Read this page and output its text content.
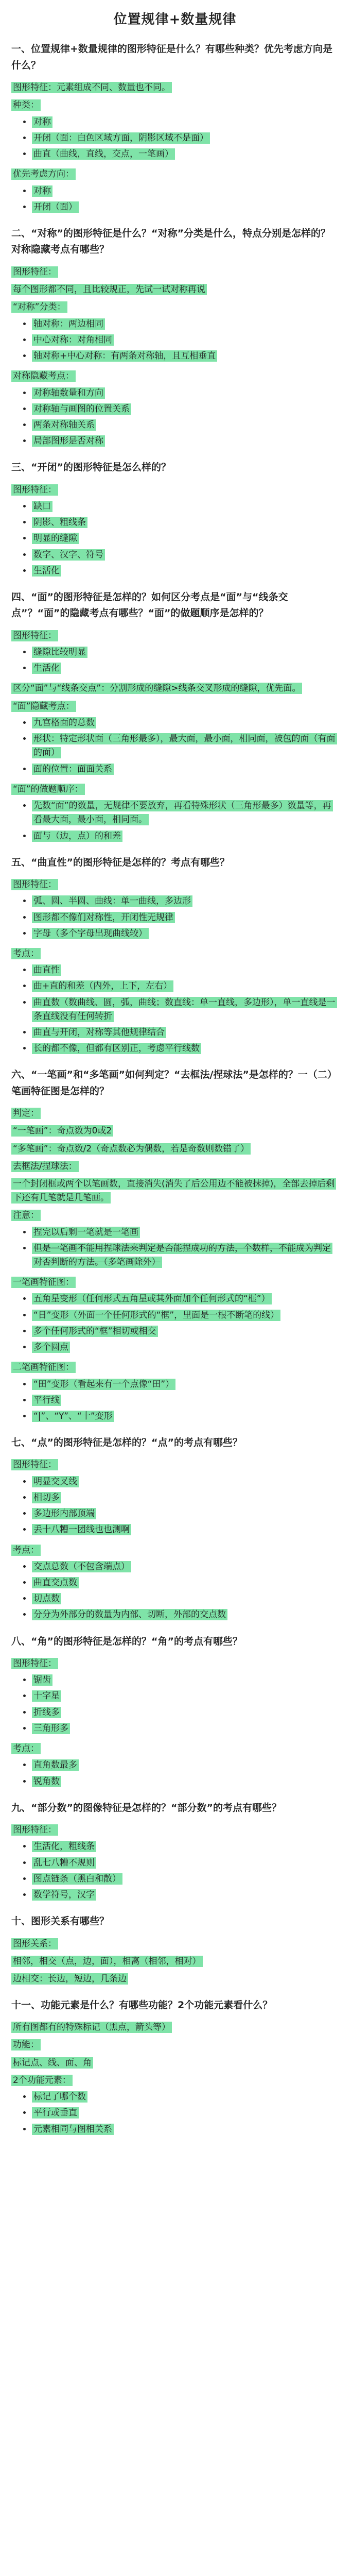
位置规律+数量规律
一、位置规律+数量规律的图形特征是什么？有哪些种类？优先考虑方向是什么？
图形特征：元素组成不同、数量也不同。
种类：
• 对称
• 开闭（面：白色区域方面，阴影区域不是面）
• 曲直（曲线，直线，交点，一笔画）
优先考虑方向：
• 对称
• 开闭（面）
二、“对称”的图形特征是什么？“对称”分类是什么，特点分别是怎样的？对称隐藏考点有哪些？
图形特征：
每个图形都不同，且比较规正，先试一试对称再说
“对称”分类：
• 轴对称：两边相同
• 中心对称：对角相同
• 轴对称+中心对称：有两条对称轴，且互相垂直
对称隐藏考点：
• 对称轴数量和方向
• 对称轴与画图的位置关系
• 两条对称轴关系
• 局部图形是否对称
三、“开闭”的图形特征是怎么样的？
图形特征：
• 缺口
• 阴影、粗线条
• 明显的缝隙
• 数字、汉字、符号
• 生活化
四、“面”的图形特征是怎样的？如何区分考点是“面”与“线条交点”？“面”的隐藏考点有哪些？“面”的做题顺序是怎样的？
图形特征：
• 缝隙比较明显
• 生活化
区分“面”与“线条交点”：分割形成的缝隙>线条交叉形成的缝隙，优先面。
“面”隐藏考点：
• 九宫格面的总数
• 形状：特定形状面（三角形最多），最大面，最小面，相同面，被包的面（有面的面）
• 面的位置：面面关系
“面”的做题顺序：
• 先数“面”的数量，无规律不要放弃，再看特殊形状（三角形最多）数量等，再看最大面，最小面，相同面。
• 面与（边，点）的和差
五、“曲直性”的图形特征是怎样的？考点有哪些？
图形特征：
• 弧、圆、半圆、曲线：单一曲线，多边形
• 图形都不像们对称性，开闭性无规律
• 字母（多个字母出现曲线较）
考点：
• 曲直性
• 曲+直的和差（内外，上下，左右）
• 曲直数（数曲线、圆，弧，曲线；数直线：单一直线，多边形），单一直线是一条直线没有任何转折
• 曲直与开闭，对称等其他规律结合
• 长的都不像，但都有区别正，考虑平行线数
六、“一笔画”和“多笔画”如何判定？“去框法/捏球法”是怎样的？一（二）笔画特征图是怎样的？
判定：
“一笔画”：奇点数为0或2
“多笔画”：奇点数/2（奇点数必为偶数，若是奇数则数错了）
去框法/捏球法：
一个封闭框或两个以笔画数，直接消失(消失了后公用边不能被抹掉)，全部去掉后剩下还有几笔就是几笔画。
注意：
• 捏完以后剩一笔就是一笔画
• 但是一笔画不能用捏球法来判定是否能捏成功的方法，个数样，不能成为判定对否判断的方法。（多笔画除外）
一笔画特征图：
• 五角星变形（任何形式五角星或其外面加个任何形式的“框”）
• “日”变形（外面一个任何形式的“框”，里面是一根不断笔的线）
• 多个任何形式的“框”相切或相交
• 多个圆点
二笔画特征图：
• “田”变形（看起来有一个点像“田”）
• 平行线
• “|”、“Y”、“十”变形
七、“点”的图形特征是怎样的？“点”的考点有哪些？
图形特征：
• 明显交叉线
• 相切多
• 多边形内部顶端
• 丢十八糟一团线也也测啊
考点：
• 交点总数（不包含端点）
• 曲直交点数
• 切点数
• 分分为外部分的数量为内部、切断，外部的交点数
八、“角”的图形特征是怎样的？“角”的考点有哪些？
图形特征：
• 锯齿
• 十字星
• 折线多
• 三角形多
考点：
• 直角数最多
• 锐角数
九、“部分数”的图像特征是怎样的？“部分数”的考点有哪些？
图形特征：
• 生活化，粗线条
• 乱七八糟不规则
• 图点链条（黑白和散）
• 数学符号，汉字
十、图形关系有哪些？
图形关系：
相邻，相交（点，边，面），相离（相邻，相对）
边相交：长边，短边，几条边
十一、功能元素是什么？有哪些功能？2个功能元素看什么？
所有图都有的特殊标记（黑点，箭头等）
功能：
标记点、线、面、角
2个功能元素：
• 标记了哪个数
• 平行或垂直
• 元素相同与图相关系
